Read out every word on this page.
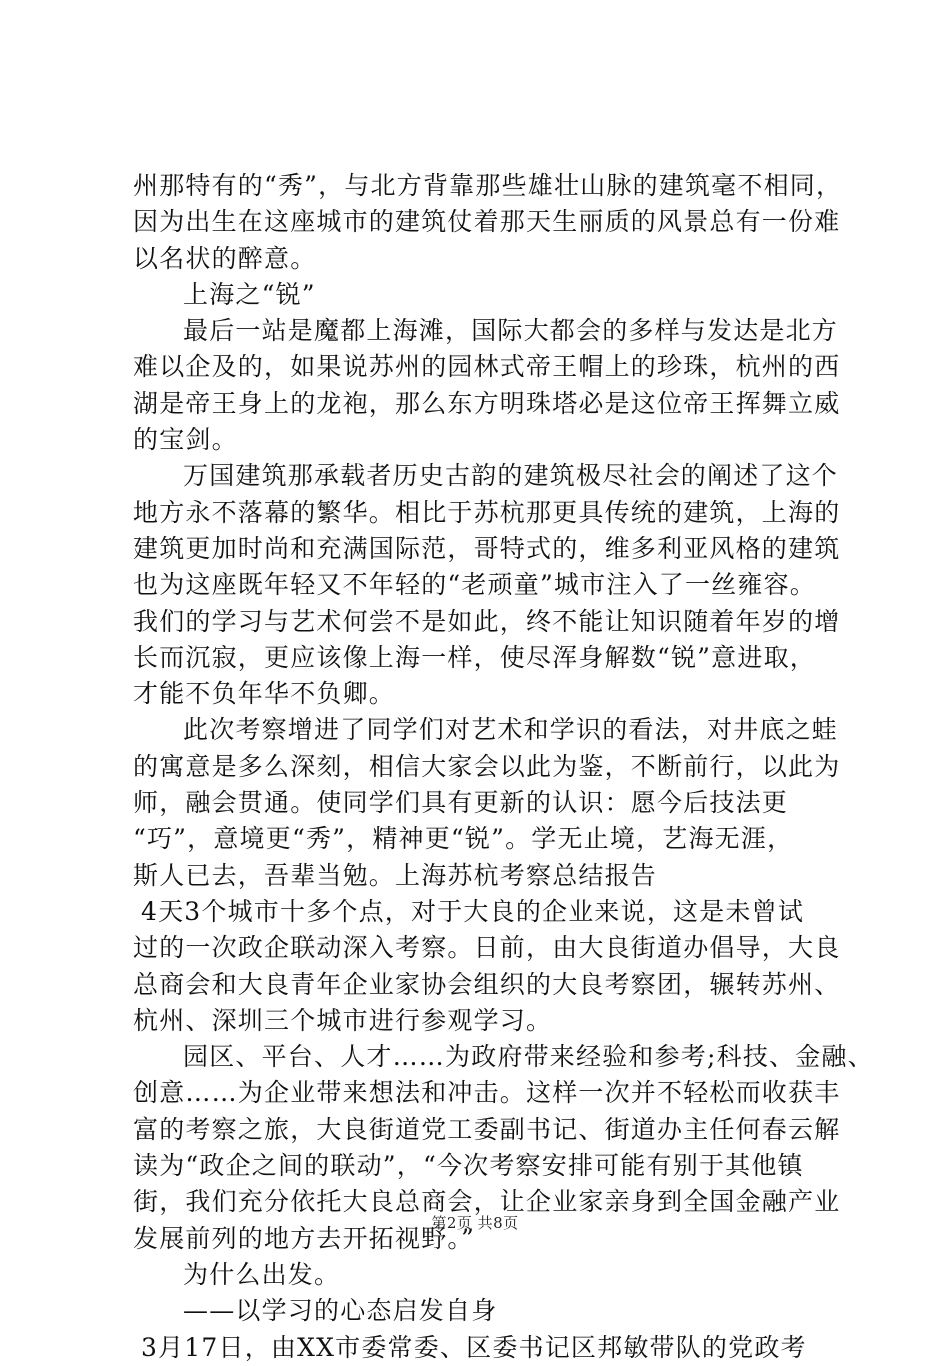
州那特有的“秀”，与北方背靠那些雄壮山脉的建筑毫不相同，
因为出生在这座城市的建筑仗着那天生丽质的风景总有一份难
以名状的醉意。
上海之“锐”
最后一站是魔都上海滩，国际大都会的多样与发达是北方
难以企及的，如果说苏州的园林式帝王帽上的珍珠，杭州的西
湖是帝王身上的龙袍，那么东方明珠塔必是这位帝王挥舞立威
的宝剑。
万国建筑那承载者历史古韵的建筑极尽社会的阐述了这个
地方永不落幕的繁华。相比于苏杭那更具传统的建筑，上海的
建筑更加时尚和充满国际范，哥特式的，维多利亚风格的建筑
也为这座既年轻又不年轻的“老顽童”城市注入了一丝雍容。
我们的学习与艺术何尝不是如此，终不能让知识随着年岁的增
长而沉寂，更应该像上海一样，使尽浑身解数“锐”意进取，
才能不负年华不负卿。
此次考察增进了同学们对艺术和学识的看法，对井底之蛙
的寓意是多么深刻，相信大家会以此为鉴，不断前行，以此为
师，融会贯通。使同学们具有更新的认识：愿今后技法更
“巧”，意境更“秀”，精神更“锐”。学无止境，艺海无涯，
斯人已去，吾辈当勉。上海苏杭考察总结报告
4天3个城市十多个点，对于大良的企业来说，这是未曾试
过的一次政企联动深入考察。日前，由大良街道办倡导，大良
总商会和大良青年企业家协会组织的大良考察团，辗转苏州、
杭州、深圳三个城市进行参观学习。
园区、平台、人才……为政府带来经验和参考;科技、金融、
创意……为企业带来想法和冲击。这样一次并不轻松而收获丰
富的考察之旅，大良街道党工委副书记、街道办主任何春云解
读为“政企之间的联动”，“今次考察安排可能有别于其他镇
街，我们充分依托大良总商会，让企业家亲身到全国金融产业
发展前列的地方去开拓视野。”
为什么出发。
——以学习的心态启发自身
3月17日，由XX市委常委、区委书记区邦敏带队的党政考
第2页 共8页
